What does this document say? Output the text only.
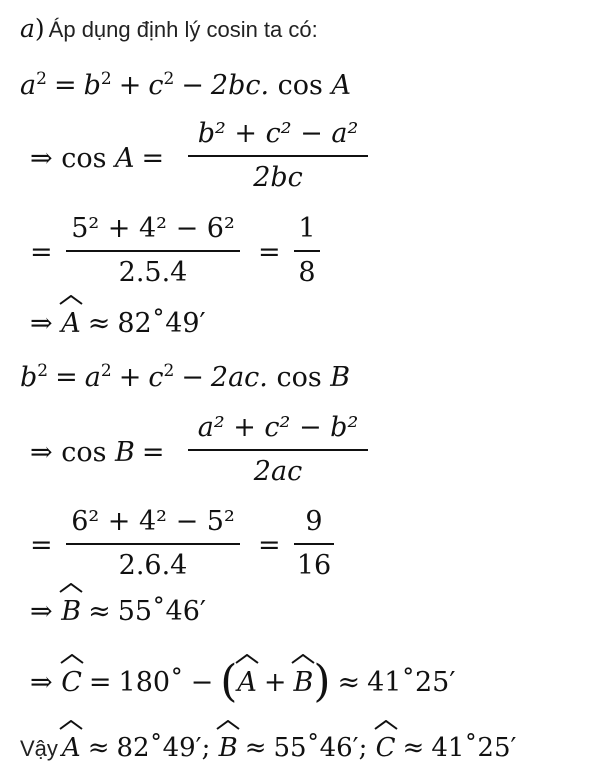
a) Áp dụng định lý cosin ta có:
$a^2 = b^2 + c^2 - 2bc$. cos A
⇒ cos A =
b² + c² − a²
2bc
=
5² + 4² − 6²
2.5.4
=
1
8
⇒ A ≈ 82˚49′
$b^2 = a^2 + c^2 - 2ac$. cos B
⇒ cos B =
a² + c² − b²
2ac
=
6² + 4² − 5²
2.6.4
=
9
16
⇒ B ≈ 55˚46′
⇒ C = 180˚ − (
A + B) ≈ 41˚25′
Vậy A ≈ 82˚49′;
B ≈ 55˚46′;
C ≈ 41˚25′
